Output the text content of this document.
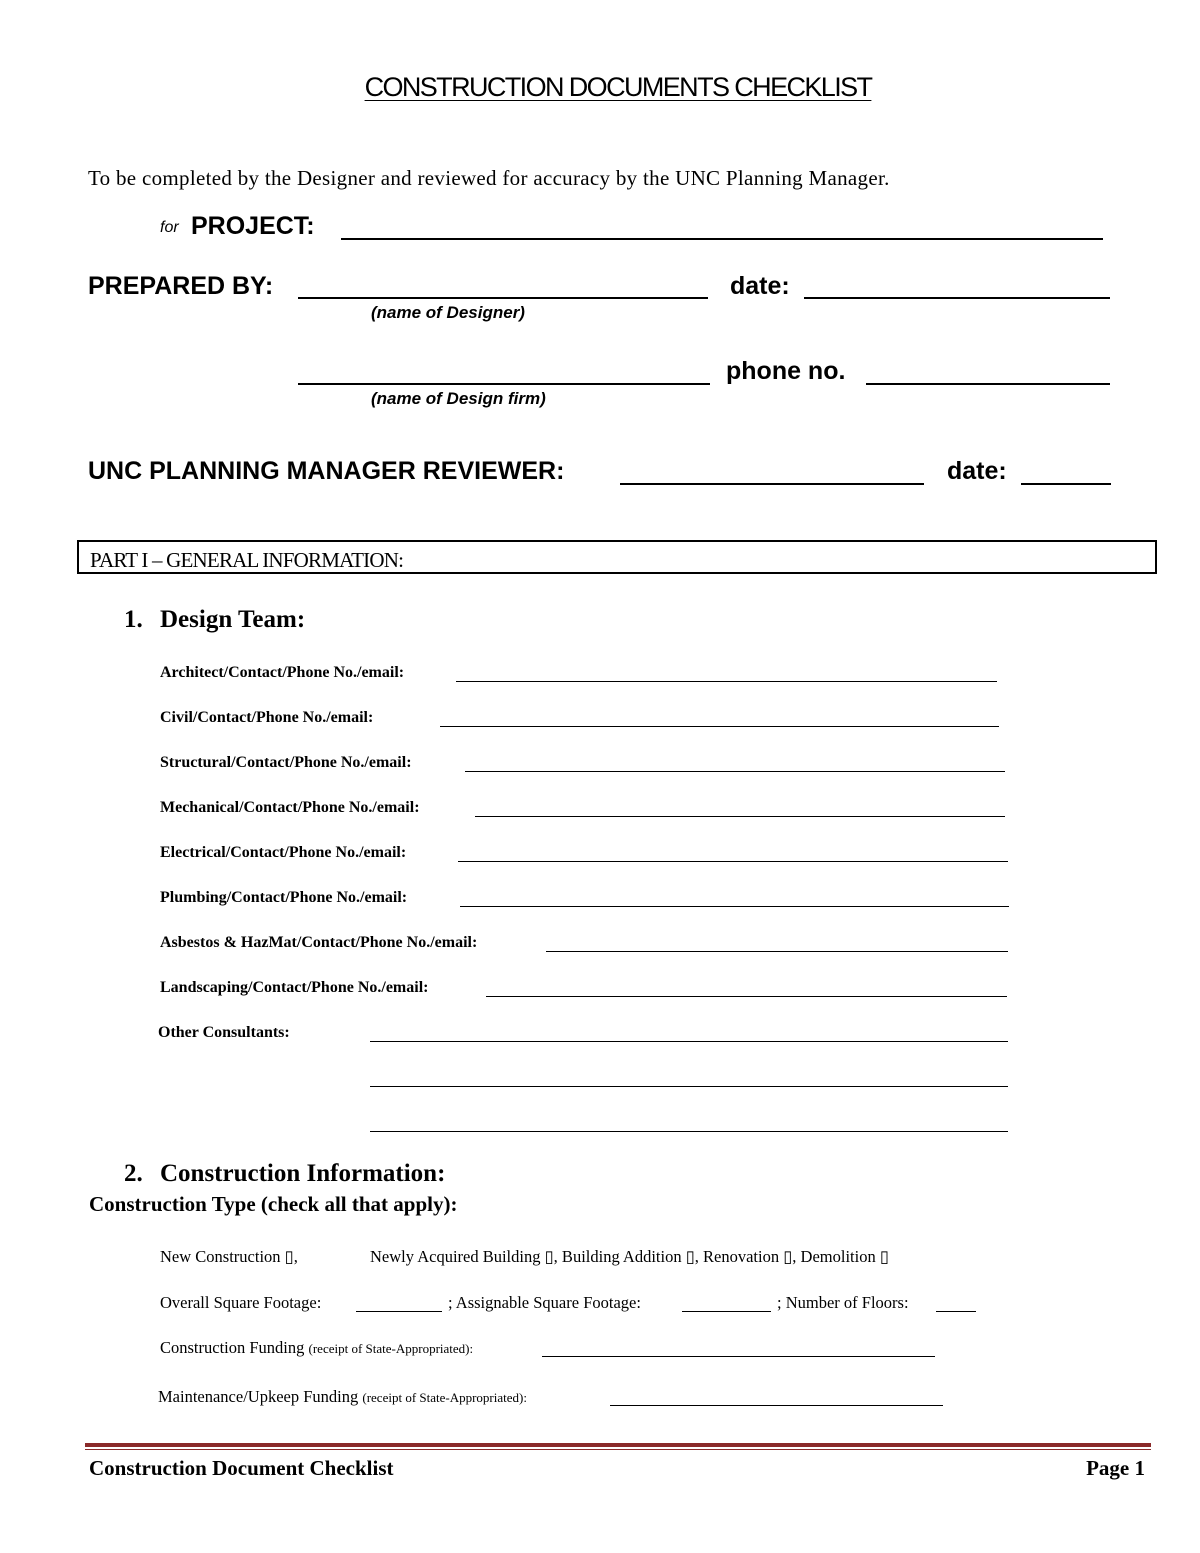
CONSTRUCTION DOCUMENTS CHECKLIST
To be completed by the Designer and reviewed for accuracy by the UNC Planning Manager.
for PROJECT:
PREPARED BY:
(name of Designer)
date:
(name of Design firm)
phone no.
UNC PLANNING MANAGER REVIEWER:	date:
PART I – GENERAL INFORMATION:
1. Design Team:
Architect/Contact/Phone No./email:
Civil/Contact/Phone No./email:
Structural/Contact/Phone No./email:
Mechanical/Contact/Phone No./email:
Electrical/Contact/Phone No./email:
Plumbing/Contact/Phone No./email:
Asbestos & HazMat/Contact/Phone No./email:
Landscaping/Contact/Phone No./email:
Other Consultants:
2. Construction Information:
Construction Type (check all that apply):
New Construction ▯,	Newly Acquired Building ▯, Building Addition ▯, Renovation ▯, Demolition ▯
Overall Square Footage:	; Assignable Square Footage:	; Number of Floors:
Construction Funding (receipt of State-Appropriated):
Maintenance/Upkeep Funding (receipt of State-Appropriated):
Construction Document Checklist	Page 1
